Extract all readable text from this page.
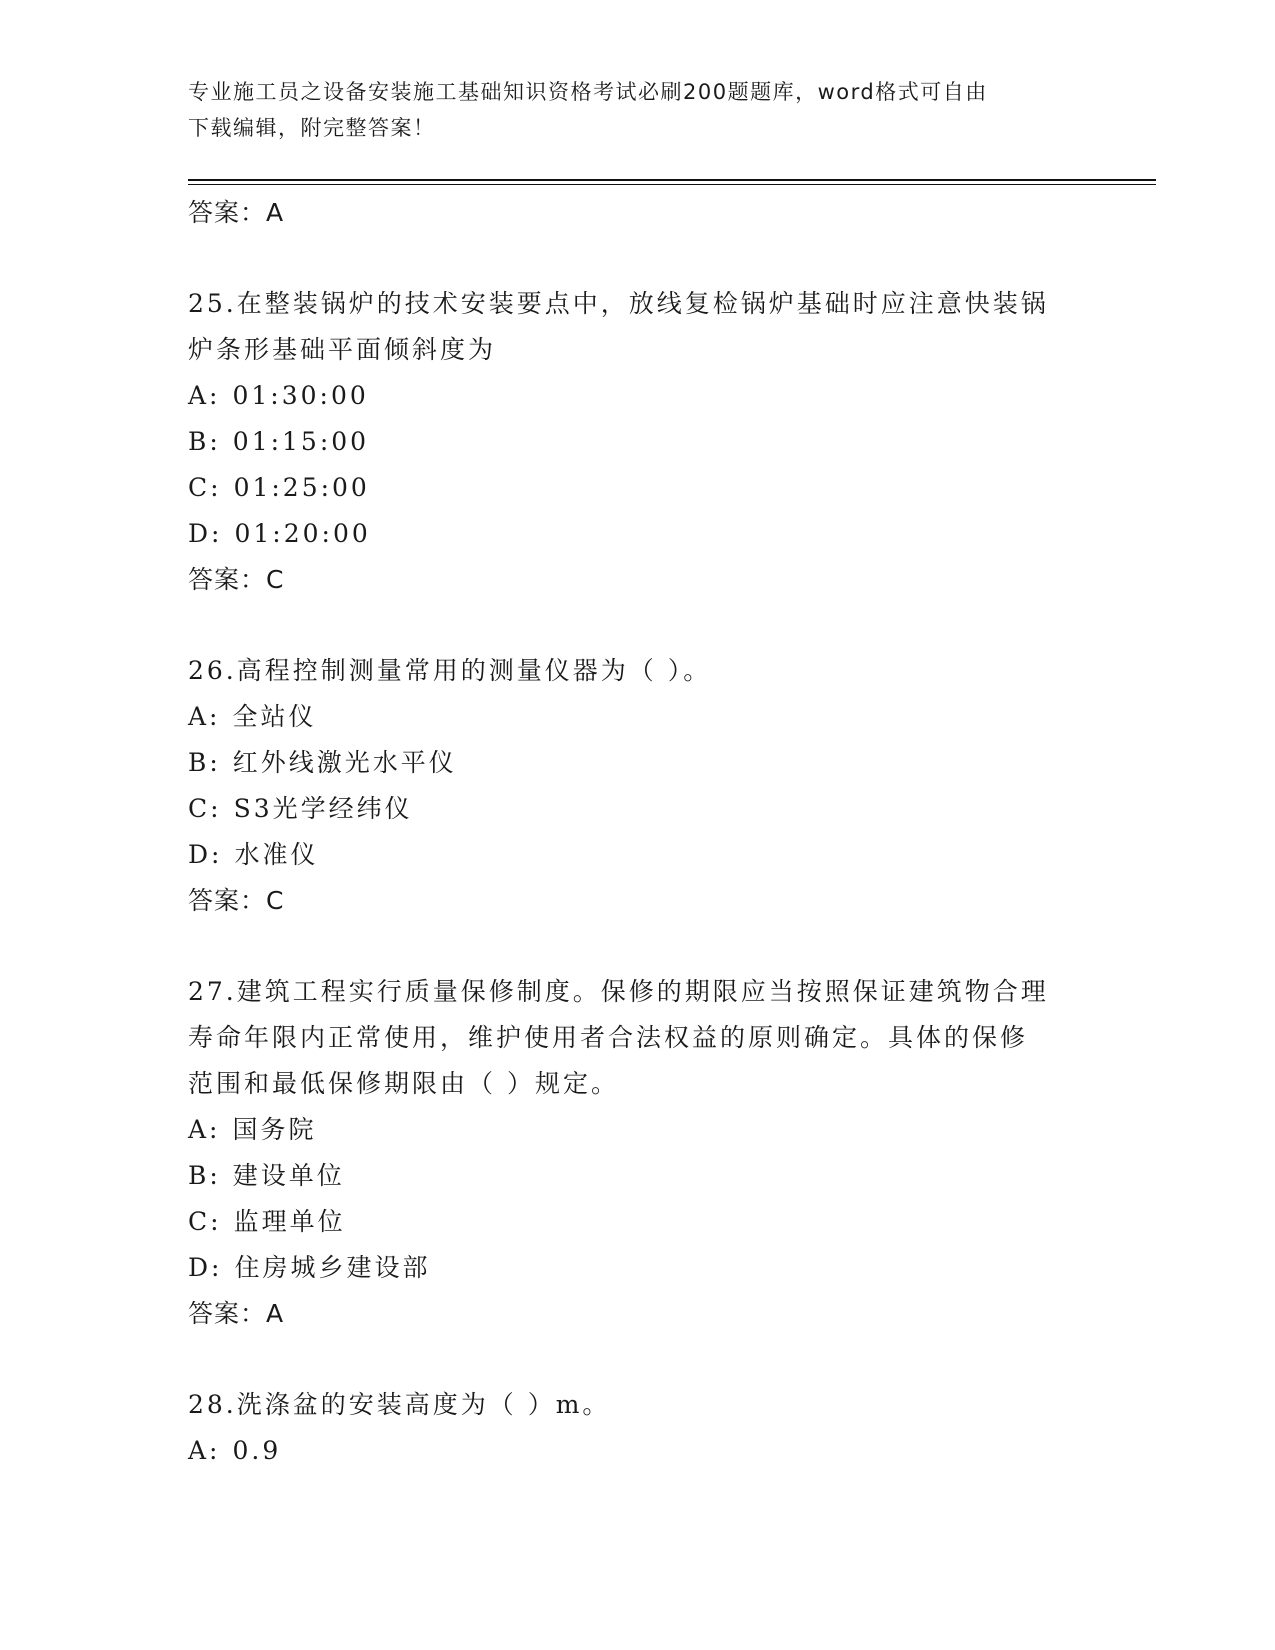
专业施工员之设备安装施工基础知识资格考试必刷200题题库，word格式可自由
下载编辑，附完整答案！
答案：A
25.在整装锅炉的技术安装要点中，放线复检锅炉基础时应注意快装锅
炉条形基础平面倾斜度为
A: 01:30:00
B: 01:15:00
C: 01:25:00
D: 01:20:00
答案：C
26.高程控制测量常用的测量仪器为（ ）。
A: 全站仪
B: 红外线激光水平仪
C: S3光学经纬仪
D: 水准仪
答案：C
27.建筑工程实行质量保修制度。保修的期限应当按照保证建筑物合理
寿命年限内正常使用，维护使用者合法权益的原则确定。具体的保修
范围和最低保修期限由（ ）规定。
A: 国务院
B: 建设单位
C: 监理单位
D: 住房城乡建设部
答案：A
28.洗涤盆的安装高度为（ ）m。
A: 0.9
